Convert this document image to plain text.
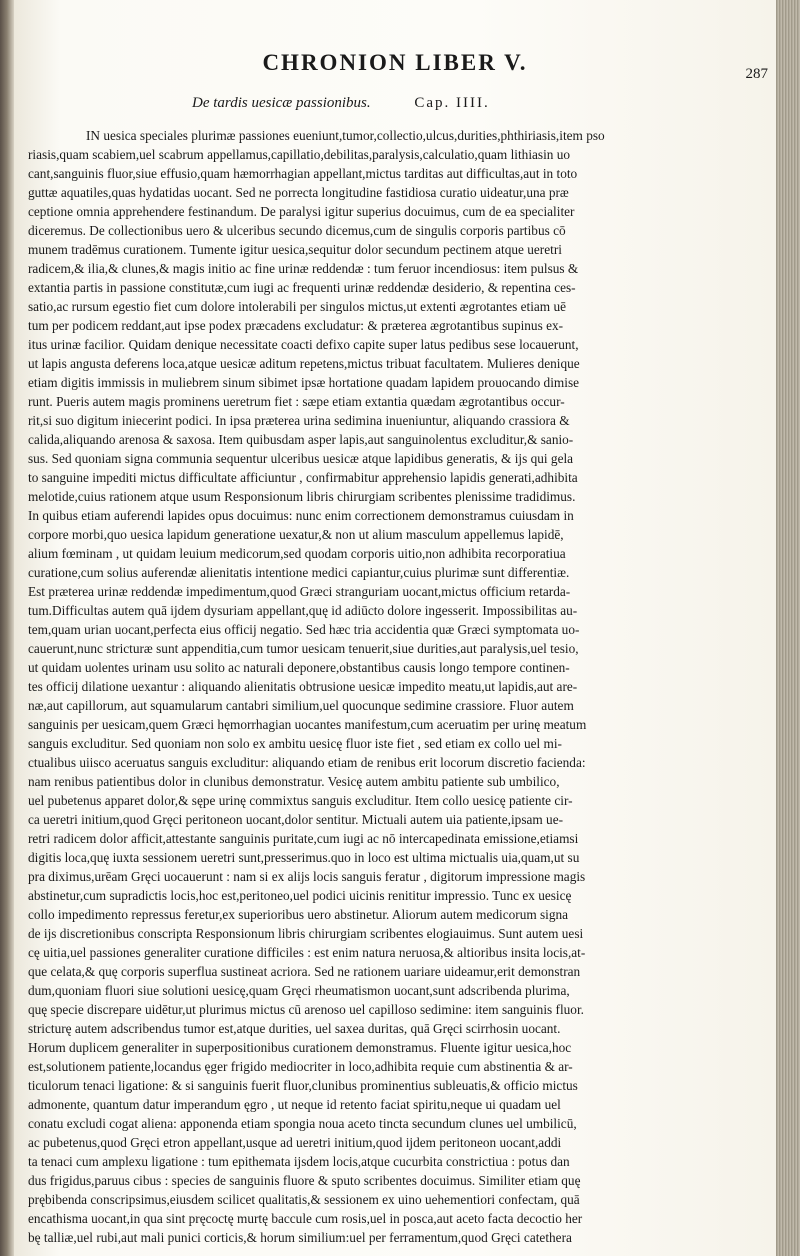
CHRONION LIBER V.	287
De tardis uesicæ passionibus.	Cap. IIII.
IN uesica speciales plurimæ passiones eueniunt,tumor,collectio,ulcus,durities,phthiriasis,item pso
riasis,quam scabiem,uel scabrum appellamus,capillatio,debilitas,paralysis,calculatio,quam lithiasin uo
cant,sanguinis fluor,siue effusio,quam hæmorrhagian appellant,mictus tarditas aut difficultas,aut in toto
guttæ aquatiles,quas hydatidas uocant. Sed ne porrecta longitudine fastidiosa curatio uideatur,una præ
ceptione omnia apprehendere festinandum. De paralysi igitur superius docuimus, cum de ea specialiter
diceremus. De collectionibus uero & ulceribus secundo dicemus,cum de singulis corporis partibus cō
munem tradēmus curationem. Tumente igitur uesica,sequitur dolor secundum pectinem atque ueretri
radicem,& ilia,& clunes,& magis initio ac fine urinæ reddendæ : tum feruor incendiosus: item pulsus &
extantia partis in passione constitutæ,cum iugi ac frequenti urinæ reddendæ desiderio, & repentina ces-
satio,ac rursum egestio fiet cum dolore intolerabili per singulos mictus,ut extenti ægrotantes etiam uē
tum per podicem reddant,aut ipse podex præcadens excludatur: & præterea ægrotantibus supinus ex-
itus urinæ facilior. Quidam denique necessitate coacti defixo capite super latus pedibus sese locauerunt,
ut lapis angusta deferens loca,atque uesicæ aditum repetens,mictus tribuat facultatem. Mulieres denique
etiam digitis immissis in muliebrem sinum sibimet ipsæ hortatione quadam lapidem prouocando dimise
runt. Pueris autem magis prominens ueretrum fiet : sæpe etiam extantia quædam ægrotantibus occur-
rit,si suo digitum iniecerint podici. In ipsa præterea urina sedimina inueniuntur, aliquando crassiora &
calida,aliquando arenosa & saxosa. Item quibusdam asper lapis,aut sanguinolentus excluditur,& sanio-
sus. Sed quoniam signa communia sequentur ulceribus uesicæ atque lapidibus generatis, & ijs qui gela
to sanguine impediti mictus difficultate afficiuntur , confirmabitur apprehensio lapidis generati,adhibita
melotide,cuius rationem atque usum Responsionum libris chirurgiam scribentes plenissime tradidimus.
In quibus etiam auferendi lapides opus docuimus: nunc enim correctionem demonstramus cuiusdam in
corpore morbi,quo uesica lapidum generatione uexatur,& non ut alium masculum appellemus lapidē,
alium fœminam , ut quidam leuium medicorum,sed quodam corporis uitio,non adhibita recorporatiua
curatione,cum solius auferendæ alienitatis intentione medici capiantur,cuius plurimæ sunt differentiæ.
Est præterea urinæ reddendæ impedimentum,quod Græci stranguriam uocant,mictus officium retarda-
tum.Difficultas autem quā ijdem dysuriam appellant,quę id adiūcto dolore ingesserit. Impossibilitas au-
tem,quam urian uocant,perfecta eius officij negatio. Sed hæc tria accidentia quæ Græci symptomata uo-
cauerunt,nunc stricturæ sunt appenditia,cum tumor uesicam tenuerit,siue durities,aut paralysis,uel tesio,
ut quidam uolentes urinam usu solito ac naturali deponere,obstantibus causis longo tempore continen-
tes officij dilatione uexantur : aliquando alienitatis obtrusione uesicæ impedito meatu,ut lapidis,aut are-
næ,aut capillorum, aut squamularum cantabri similium,uel quocunque sedimine crassiore. Fluor autem
sanguinis per uesicam,quem Græci hęmorrhagian uocantes manifestum,cum aceruatim per urinę meatum
sanguis excluditur. Sed quoniam non solo ex ambitu uesicę fluor iste fiet , sed etiam ex collo uel mi-
ctualibus uiisco aceruatus sanguis excluditur: aliquando etiam de renibus erit locorum discretio facienda:
nam renibus patientibus dolor in clunibus demonstratur. Vesicę autem ambitu patiente sub umbilico,
uel pubetenus apparet dolor,& sępe urinę commixtus sanguis excluditur. Item collo uesicę patiente cir-
ca ueretri initium,quod Gręci peritoneon uocant,dolor sentitur. Mictuali autem uia patiente,ipsam ue-
retri radicem dolor afficit,attestante sanguinis puritate,cum iugi ac nō intercapedinata emissione,etiamsi
digitis loca,quę iuxta sessionem ueretri sunt,presserimus.quo in loco est ultima mictualis uia,quam,ut su
pra diximus,urēam Gręci uocauerunt : nam si ex alijs locis sanguis feratur , digitorum impressione magis
abstinetur,cum supradictis locis,hoc est,peritoneo,uel podici uicinis renititur impressio. Tunc ex uesicę
collo impedimento repressus feretur,ex superioribus uero abstinetur. Aliorum autem medicorum signa
de ijs discretionibus conscripta Responsionum libris chirurgiam scribentes elogiauimus. Sunt autem uesi
cę uitia,uel passiones generaliter curatione difficiles : est enim natura neruosa,& altioribus insita locis,at-
que celata,& quę corporis superflua sustineat acriora. Sed ne rationem uariare uideamur,erit demonstran
dum,quoniam fluori siue solutioni uesicę,quam Gręci rheumatismon uocant,sunt adscribenda plurima,
quę specie discrepare uidētur,ut plurimus mictus cū arenoso uel capilloso sedimine: item sanguinis fluor.
stricturę autem adscribendus tumor est,atque durities, uel saxea duritas, quā Gręci scirrhosin uocant.
Horum duplicem generaliter in superpositionibus curationem demonstramus. Fluente igitur uesica,hoc
est,solutionem patiente,locandus ęger frigido mediocriter in loco,adhibita requie cum abstinentia & ar-
ticulorum tenaci ligatione: & si sanguinis fuerit fluor,clunibus prominentius subleuatis,& officio mictus
admonente, quantum datur imperandum ęgro , ut neque id retento faciat spiritu,neque ui quadam uel
conatu excludi cogat aliena: apponenda etiam spongia noua aceto tincta secundum clunes uel umbilicū,
ac pubetenus,quod Gręci etron appellant,usque ad ueretri initium,quod ijdem peritoneon uocant,addi
ta tenaci cum amplexu ligatione : tum epithemata ijsdem locis,atque cucurbita constrictiua : potus dan
dus frigidus,paruus cibus : species de sanguinis fluore & sputo scribentes docuimus. Similiter etiam quę
prębibenda conscripsimus,eiusdem scilicet qualitatis,& sessionem ex uino uehementiori confectam, quā
encathisma uocant,in qua sint pręcoctę murtę baccule cum rosis,uel in posca,aut aceto facta decoctio her
bę talliæ,uel rubi,aut mali punici corticis,& horum similium:uel per ferramentum,quod Gręci catethera
